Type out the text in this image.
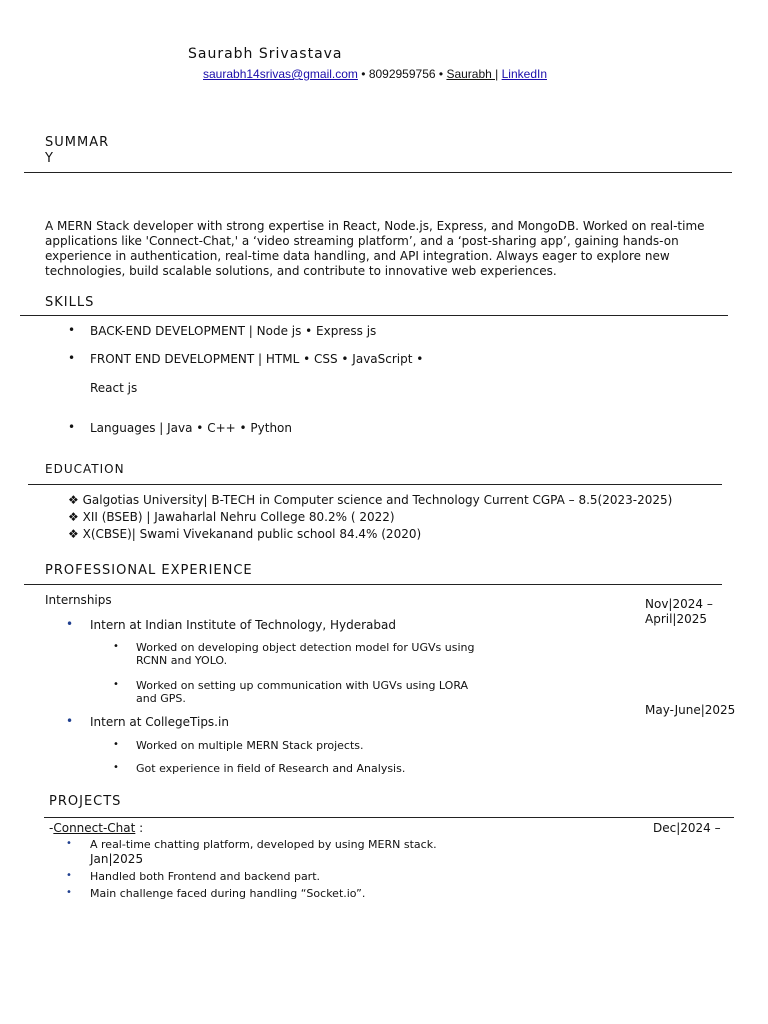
Saurabh Srivastava
saurabh14srivas@gmail.com • 8092959756 • Saurabh | LinkedIn
SUMMAR
Y
A MERN Stack developer with strong expertise in React, Node.js, Express, and MongoDB. Worked on real-time
applications like 'Connect-Chat,' a ‘video streaming platform’, and a ‘post-sharing app’, gaining hands-on
experience in authentication, real-time data handling, and API integration. Always eager to explore new
technologies, build scalable solutions, and contribute to innovative web experiences.
SKILLS
• BACK-END DEVELOPMENT | Node js • Express js
• FRONT END DEVELOPMENT | HTML • CSS • JavaScript •
React js
• Languages | Java • C++ • Python
EDUCATION
❖ Galgotias University| B-TECH in Computer science and Technology Current CGPA – 8.5(2023-2025)
❖ XII (BSEB) | Jawaharlal Nehru College 80.2% ( 2022)
❖ X(CBSE)| Swami Vivekanand public school 84.4% (2020)
PROFESSIONAL EXPERIENCE
Internships
• Intern at Indian Institute of Technology, Hyderabad
Nov|2024 –
April|2025
• Worked on developing object detection model for UGVs using
RCNN and YOLO.
• Worked on setting up communication with UGVs using LORA
and GPS.
May-June|2025
• Intern at CollegeTips.in
• Worked on multiple MERN Stack projects.
• Got experience in field of Research and Analysis.
PROJECTS
-Connect-Chat :	Dec|2024 –
• A real-time chatting platform, developed by using MERN stack.
Jan|2025
• Handled both Frontend and backend part.
• Main challenge faced during handling “Socket.io”.
